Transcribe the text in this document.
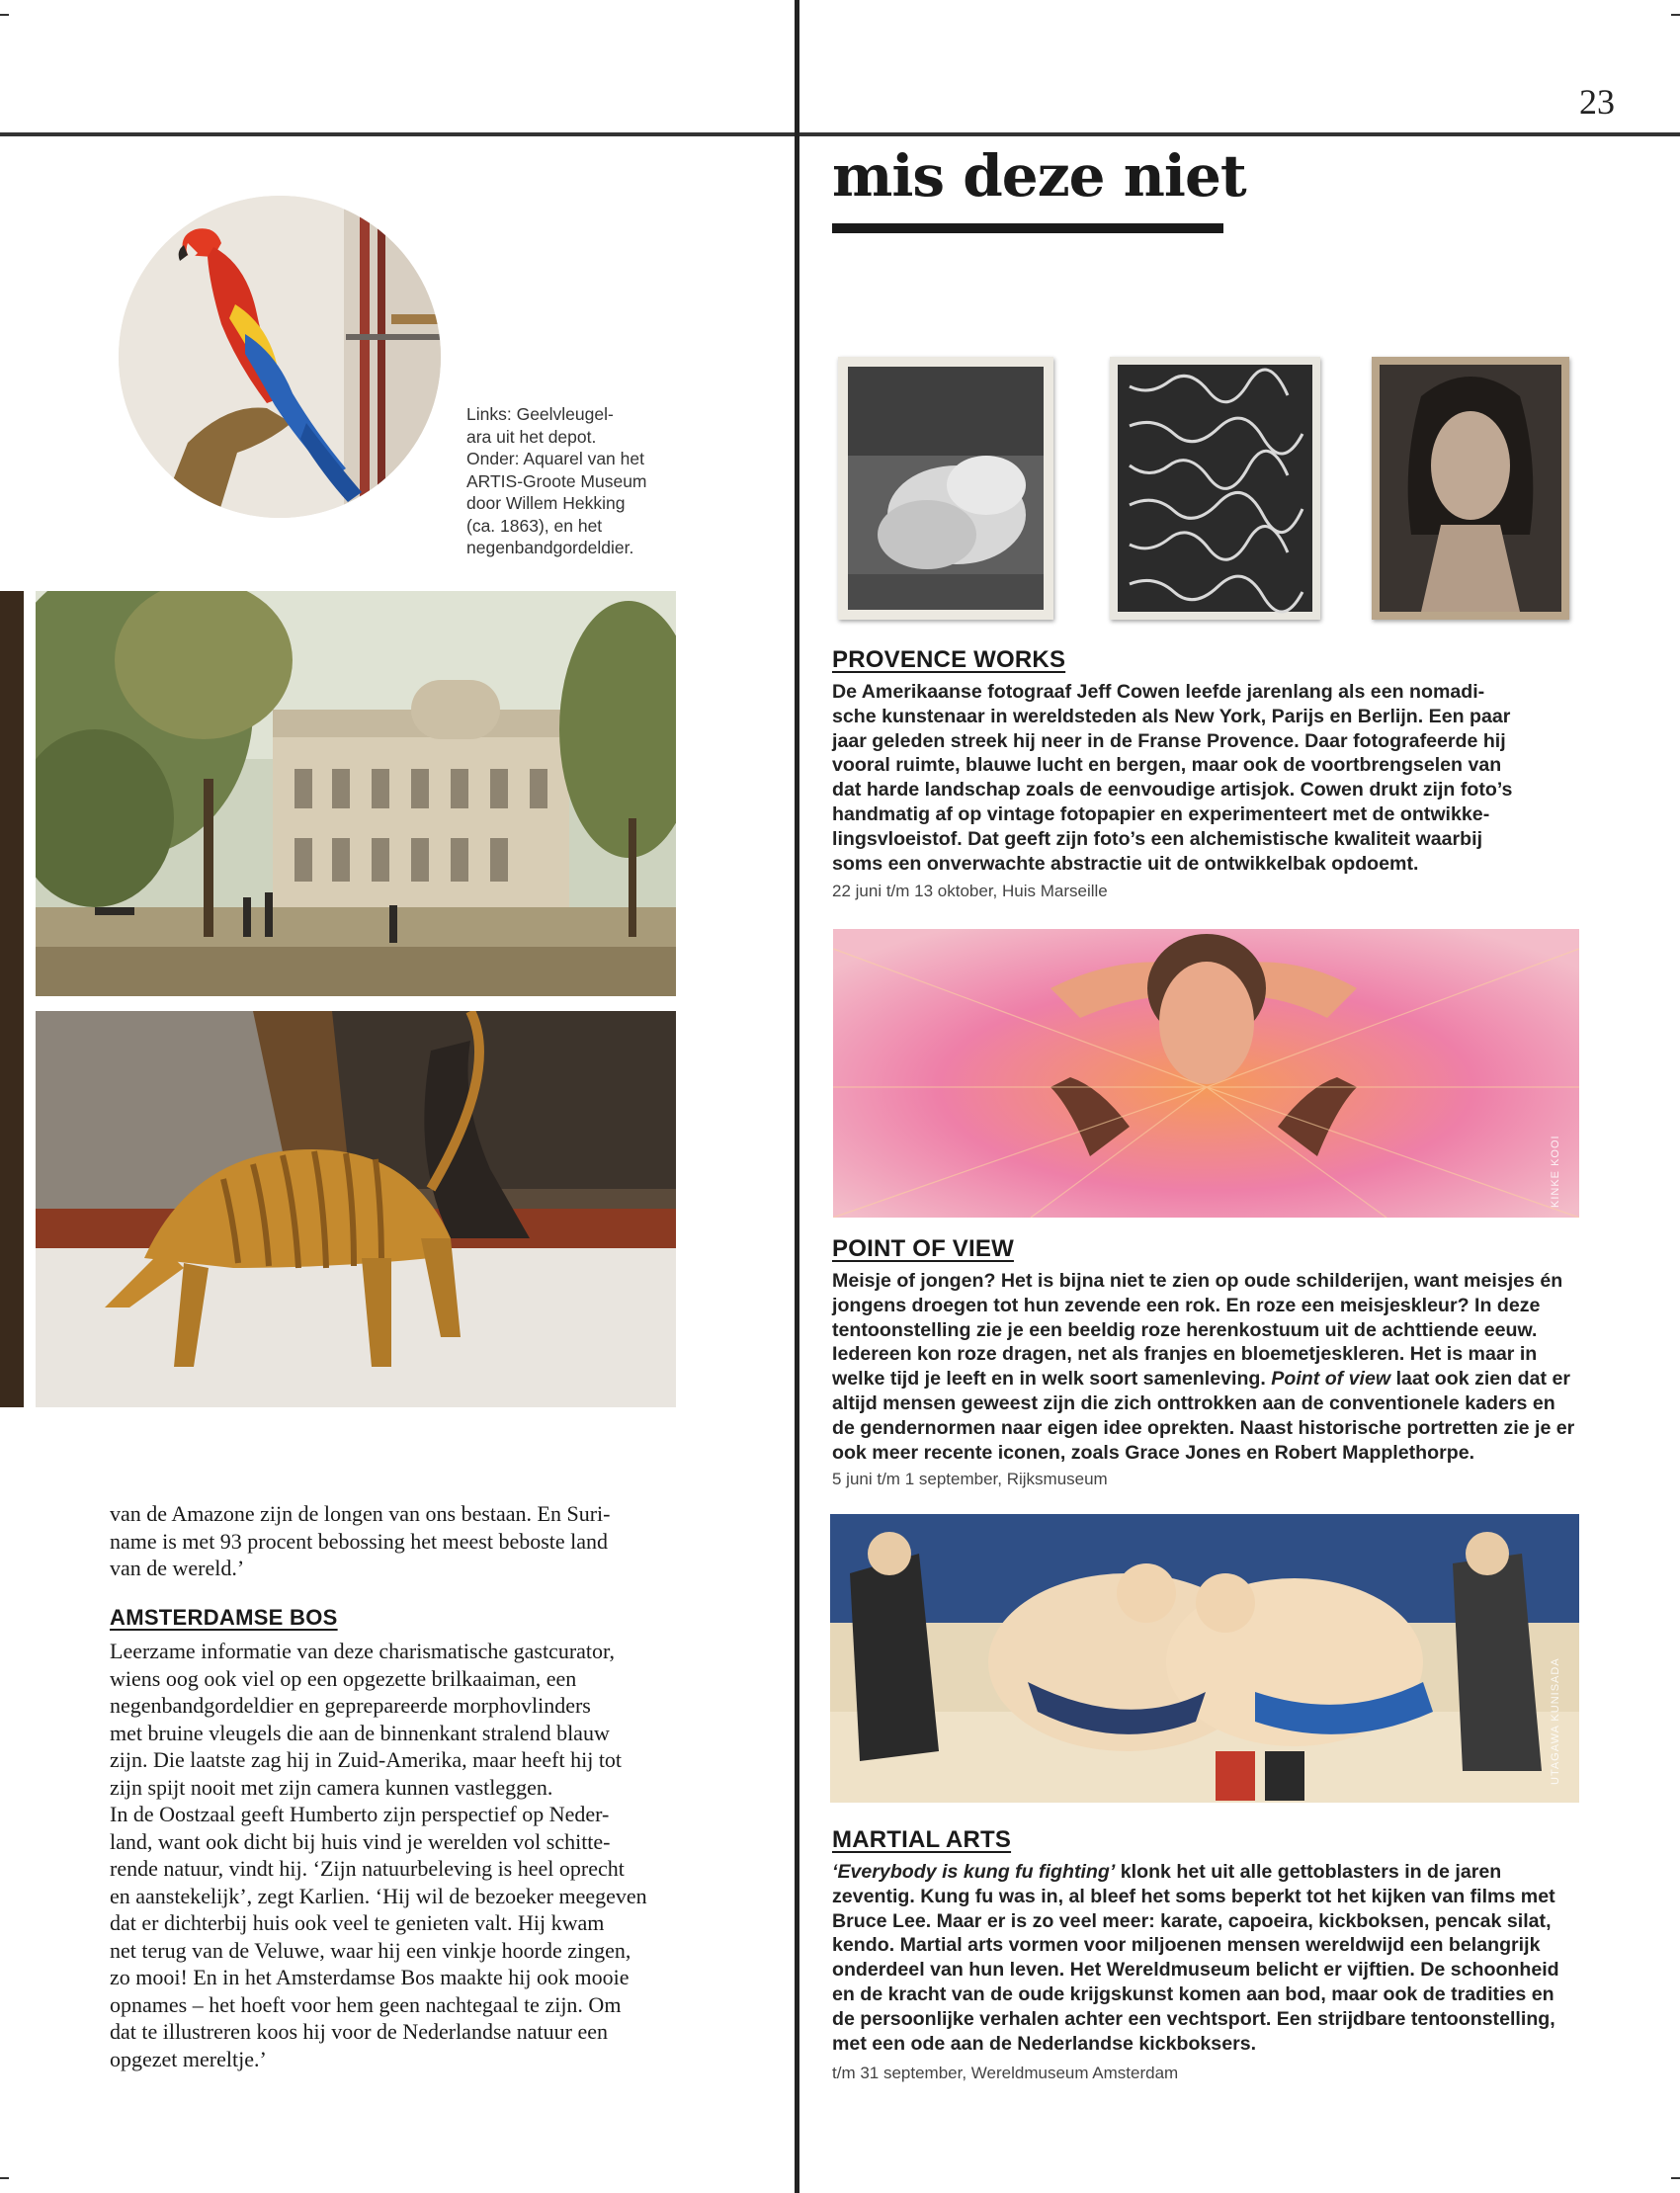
23
mis deze niet
Links: Geelvleugel-
ara uit het depot.
Onder: Aquarel van het
ARTIS-Groote Museum
door Willem Hekking
(ca. 1863), en het
negenbandgordeldier.
van de Amazone zijn de longen van ons bestaan. En Suri-
name is met 93 procent bebossing het meest beboste land
van de wereld.’
AMSTERDAMSE BOS
Leerzame informatie van deze charismatische gastcurator,
wiens oog ook viel op een opgezette brilkaaiman, een
negenbandgordeldier en geprepareerde morphovlinders
met bruine vleugels die aan de binnenkant stralend blauw
zijn. Die laatste zag hij in Zuid-Amerika, maar heeft hij tot
zijn spijt nooit met zijn camera kunnen vastleggen.
In de Oostzaal geeft Humberto zijn perspectief op Neder-
land, want ook dicht bij huis vind je werelden vol schitte-
rende natuur, vindt hij. ‘Zijn natuurbeleving is heel oprecht
en aanstekelijk’, zegt Karlien. ‘Hij wil de bezoeker meegeven
dat er dichterbij huis ook veel te genieten valt. Hij kwam
net terug van de Veluwe, waar hij een vinkje hoorde zingen,
zo mooi! En in het Amsterdamse Bos maakte hij ook mooie
opnames – het hoeft voor hem geen nachtegaal te zijn. Om
dat te illustreren koos hij voor de Nederlandse natuur een
opgezet mereltje.’
PROVENCE WORKS
De Amerikaanse fotograaf Jeff Cowen leefde jarenlang als een nomadi-
sche kunstenaar in wereldsteden als New York, Parijs en Berlijn. Een paar
jaar geleden streek hij neer in de Franse Provence. Daar fotografeerde hij
vooral ruimte, blauwe lucht en bergen, maar ook de voortbrengselen van
dat harde landschap zoals de eenvoudige artisjok. Cowen drukt zijn foto’s
handmatig af op vintage fotopapier en experimenteert met de ontwikke-
lingsvloeistof. Dat geeft zijn foto’s een alchemistische kwaliteit waarbij
soms een onverwachte abstractie uit de ontwikkelbak opdoemt.
22 juni t/m 13 oktober, Huis Marseille
KINKE KOOI
POINT OF VIEW
Meisje of jongen? Het is bijna niet te zien op oude schilderijen, want meisjes én jongens droegen tot hun zevende een rok. En roze een meisjeskleur? In deze tentoonstelling zie je een beeldig roze herenkostuum uit de achttiende eeuw. Iedereen kon roze dragen, net als franjes en bloemetjeskleren. Het is maar in welke tijd je leeft en in welk soort samenleving. Point of view laat ook zien dat er altijd mensen geweest zijn die zich onttrokken aan de conventionele kaders en de gendernormen naar eigen idee oprekten. Naast historische portretten zie je er ook meer recente iconen, zoals Grace Jones en Robert Mapplethorpe.
5 juni t/m 1 september, Rijksmuseum
UTAGAWA KUNISADA
MARTIAL ARTS
‘Everybody is kung fu fighting’ klonk het uit alle gettoblasters in de jaren zeventig. Kung fu was in, al bleef het soms beperkt tot het kijken van films met Bruce Lee. Maar er is zo veel meer: karate, capoeira, kickboksen, pencak silat, kendo. Martial arts vormen voor miljoenen mensen wereldwijd een belangrijk onderdeel van hun leven. Het Wereldmuseum belicht er vijftien. De schoonheid en de kracht van de oude krijgskunst komen aan bod, maar ook de tradities en de persoonlijke verhalen achter een vechtsport. Een strijdbare tentoonstelling, met een ode aan de Nederlandse kickboksers.
t/m 31 september, Wereldmuseum Amsterdam
